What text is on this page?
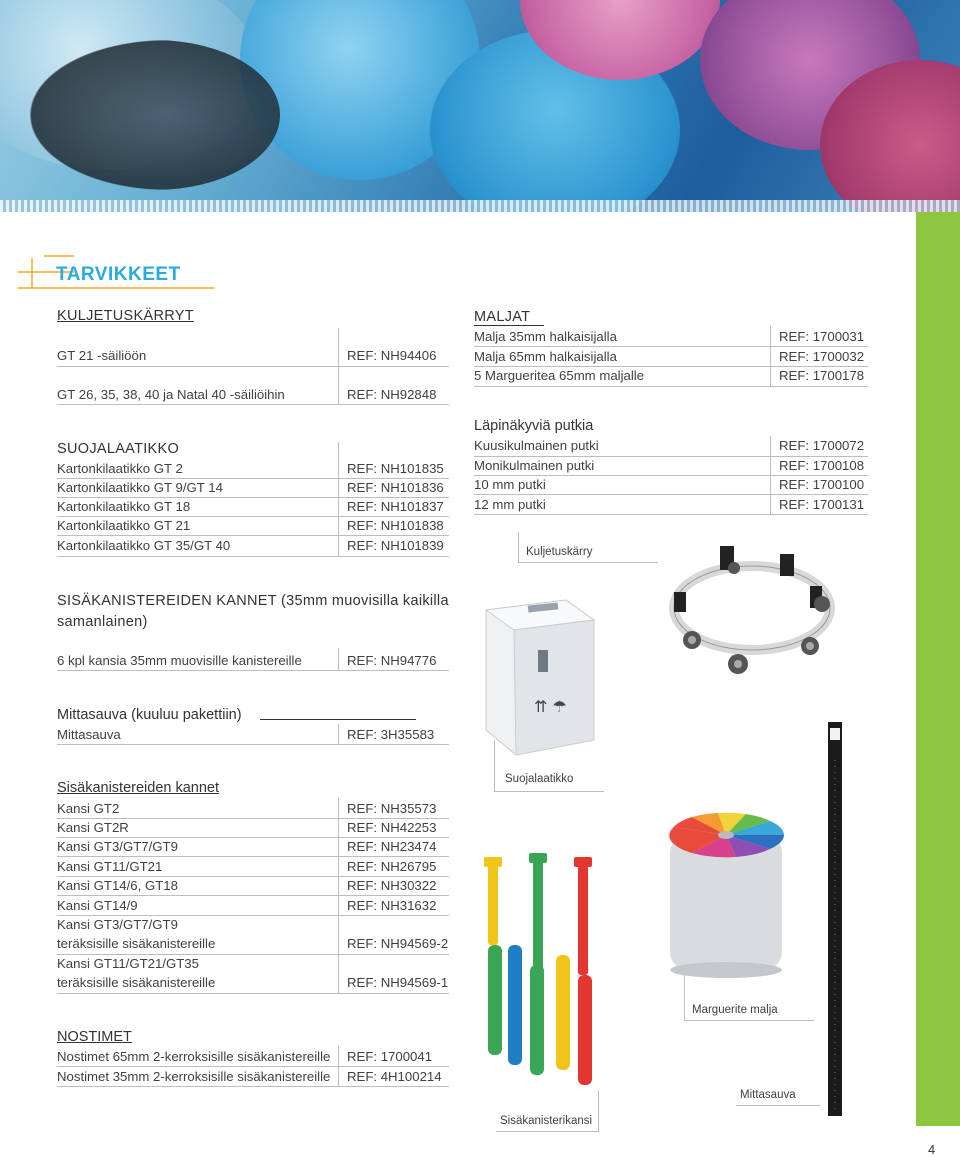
TARVIKKEET
KULJETUSKÄRRYT
GT 21 -säiliöön	REF: NH94406
GT 26, 35, 38, 40 ja Natal 40 -säiliöihin	REF: NH92848
SUOJALAATIKKO
Kartonkilaatikko GT 2	REF: NH101835
Kartonkilaatikko GT 9/GT 14	REF: NH101836
Kartonkilaatikko GT 18	REF: NH101837
Kartonkilaatikko GT 21	REF: NH101838
Kartonkilaatikko GT 35/GT 40	REF: NH101839
MALJAT
Malja 35mm halkaisijalla	REF: 1700031
Malja 65mm halkaisijalla	REF: 1700032
5 Margueritea 65mm maljalle	REF: 1700178
Läpinäkyviä putkia
Kuusikulmainen putki	REF: 1700072
Monikulmainen putki	REF: 1700108
10 mm putki	REF: 1700100
12 mm putki	REF: 1700131
Kuljetuskärry
SISÄKANISTEREIDEN KANNET (35mm muovisilla kaikilla
samanlainen)
6 kpl kansia 35mm muovisille kanistereille	REF: NH94776
⇈ ☂
Mittasauva (kuuluu pakettiin)
Mittasauva	REF: 3H35583
Suojalaatikko
Sisäkanistereiden kannet
Kansi GT2	REF: NH35573
Kansi GT2R	REF: NH42253
Kansi GT3/GT7/GT9	REF: NH23474
Kansi GT11/GT21	REF: NH26795
Kansi GT14/6, GT18	REF: NH30322
Kansi GT14/9	REF: NH31632
Kansi GT3/GT7/GT9
teräksisille sisäkanistereille	REF: NH94569-2
Kansi GT11/GT21/GT35
teräksisille sisäkanistereille	REF: NH94569-1
NOSTIMET
Nostimet 65mm 2-kerroksisille sisäkanistereille REF: 1700041
Nostimet 35mm 2-kerroksisille sisäkanistereille REF: 4H100214
Marguerite malja
Mittasauva
Sisäkanisterikansi
4
